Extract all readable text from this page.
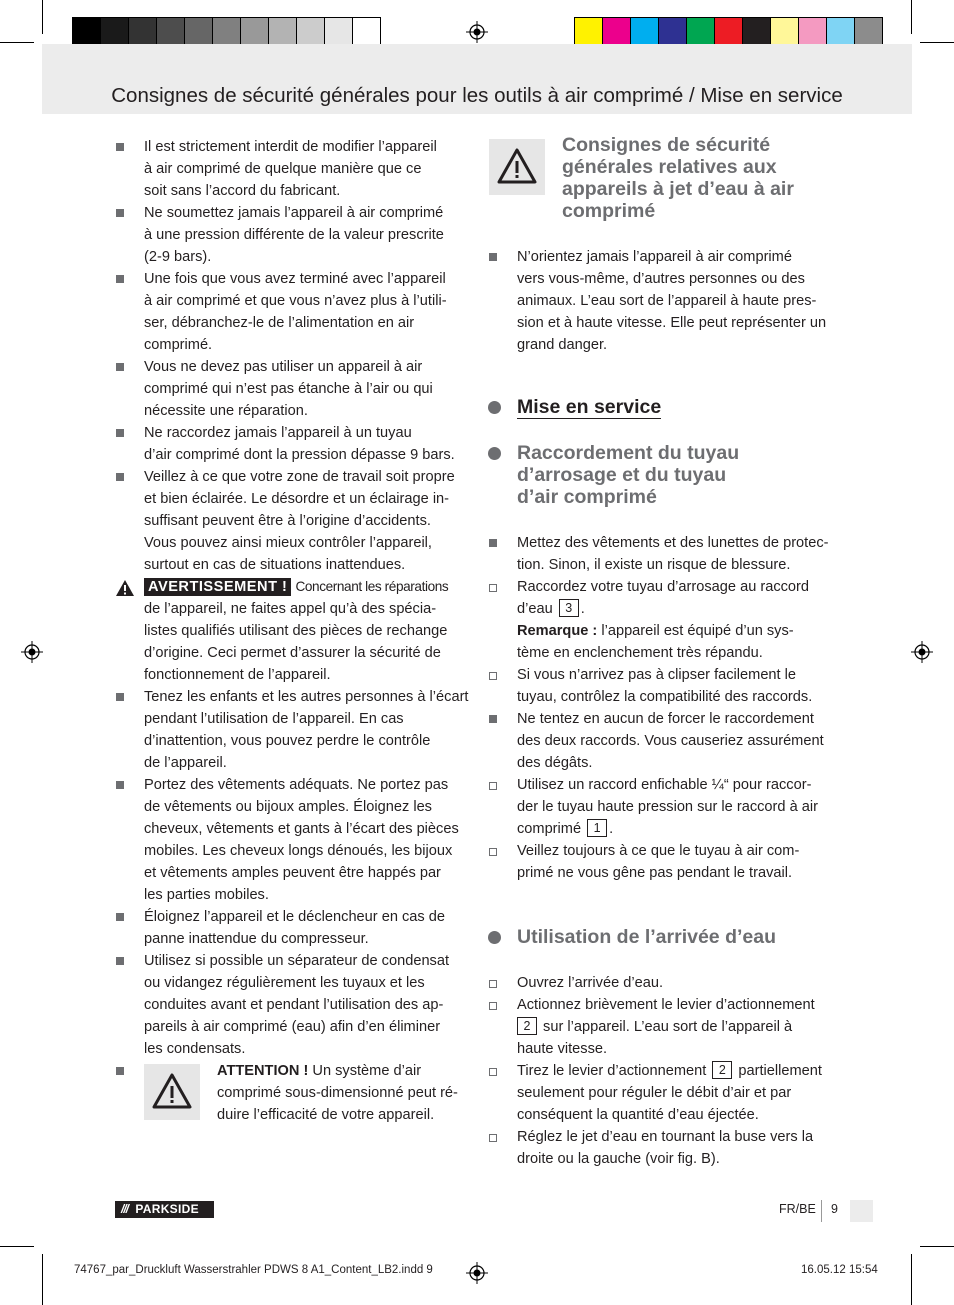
Consignes de sécurité générales pour les outils à air comprimé / Mise en service
Il est strictement interdit de modifier l’appareil
à air comprimé de quelque manière que ce
soit sans l’accord du fabricant.
Ne soumettez jamais l’appareil à air comprimé
à une pression différente de la valeur prescrite
(2-9 bars).
Une fois que vous avez terminé avec l’appareil
à air comprimé et que vous n’avez plus à l’utili-
ser, débranchez-le de l’alimentation en air
comprimé.
Vous ne devez pas utiliser un appareil à air
comprimé qui n’est pas étanche à l’air ou qui
nécessite une réparation.
Ne raccordez jamais l’appareil à un tuyau
d’air comprimé dont la pression dépasse 9 bars.
Veillez à ce que votre zone de travail soit propre
et bien éclairée. Le désordre et un éclairage in-
suffisant peuvent être à l’origine d’accidents.
Vous pouvez ainsi mieux contrôler l’appareil,
surtout en cas de situations inattendues.
AVERTISSEMENT ! Concernant les réparations
de l’appareil, ne faites appel qu’à des spécia-
listes qualifiés utilisant des pièces de rechange
d’origine. Ceci permet d’assurer la sécurité de
fonctionnement de l’appareil.
Tenez les enfants et les autres personnes à l’écart
pendant l’utilisation de l’appareil. En cas
d’inattention, vous pouvez perdre le contrôle
de l’appareil.
Portez des vêtements adéquats. Ne portez pas
de vêtements ou bijoux amples. Éloignez les
cheveux, vêtements et gants à l’écart des pièces
mobiles. Les cheveux longs dénoués, les bijoux
et vêtements amples peuvent être happés par
les parties mobiles.
Éloignez l’appareil et le déclencheur en cas de
panne inattendue du compresseur.
Utilisez si possible un séparateur de condensat
ou vidangez régulièrement les tuyaux et les
conduites avant et pendant l’utilisation des ap-
pareils à air comprimé (eau) afin d’en éliminer
les condensats.
ATTENTION ! Un système d’air
comprimé sous-dimensionné peut ré-
duire l’efficacité de votre appareil.
Consignes de sécurité
générales relatives aux
appareils à jet d’eau à air
comprimé
N’orientez jamais l’appareil à air comprimé
vers vous-même, d’autres personnes ou des
animaux. L’eau sort de l’appareil à haute pres-
sion et à haute vitesse. Elle peut représenter un
grand danger.
Mise en service
Raccordement du tuyau
d’arrosage et du tuyau
d’air comprimé
Mettez des vêtements et des lunettes de protec-
tion. Sinon, il existe un risque de blessure.
Raccordez votre tuyau d’arrosage au raccord
d’eau 3 .
Remarque : l’appareil est équipé d’un sys-
tème en enclenchement très répandu.
Si vous n’arrivez pas à clipser facilement le
tuyau, contrôlez la compatibilité des raccords.
Ne tentez en aucun de forcer le raccordement
des deux raccords. Vous causeriez assurément
des dégâts.
Utilisez un raccord enfichable ¼“ pour raccor-
der le tuyau haute pression sur le raccord à air
comprimé 1 .
Veillez toujours à ce que le tuyau à air com-
primé ne vous gêne pas pendant le travail.
Utilisation de l’arrivée d’eau
Ouvrez l’arrivée d’eau.
Actionnez brièvement le levier d’actionnement
2 sur l’appareil. L’eau sort de l’appareil à
haute vitesse.
Tirez le levier d’actionnement 2 partiellement
seulement pour réguler le débit d’air et par
conséquent la quantité d’eau éjectée.
Réglez le jet d’eau en tournant la buse vers la
droite ou la gauche (voir fig. B).
/// PARKSIDE	FR/BE 9
74767_par_Druckluft Wasserstrahler PDWS 8 A1_Content_LB2.indd 9	16.05.12 15:54
